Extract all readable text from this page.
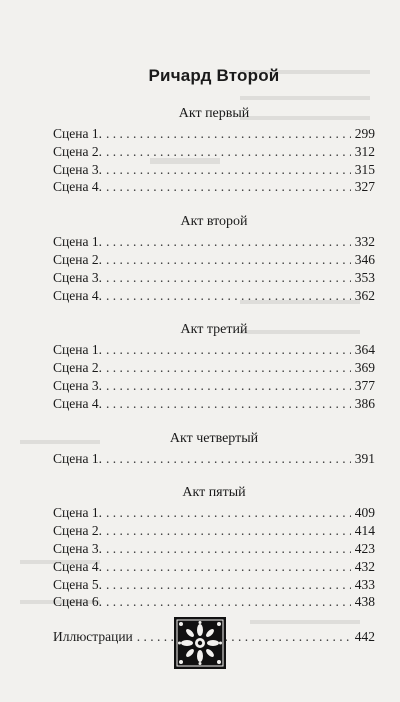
Ричард Второй
Акт первый
Сцена 1. . . .	299
Сцена 2. . . .	312
Сцена 3. . . .	315
Сцена 4. . . .	327
Акт второй
Сцена 1. . . .	332
Сцена 2. . . .	346
Сцена 3. . . .	353
Сцена 4. . . .	362
Акт третий
Сцена 1. . . .	364
Сцена 2. . . .	369
Сцена 3. . . .	377
Сцена 4. . . .	386
Акт четвертый
Сцена 1. . . .	391
Акт пятый
Сцена 1. . . .	409
Сцена 2. . . .	414
Сцена 3. . . .	423
Сцена 4. . . .	432
Сцена 5. . . .	433
Сцена 6. . . .	438
Иллюстрации . . .	442
